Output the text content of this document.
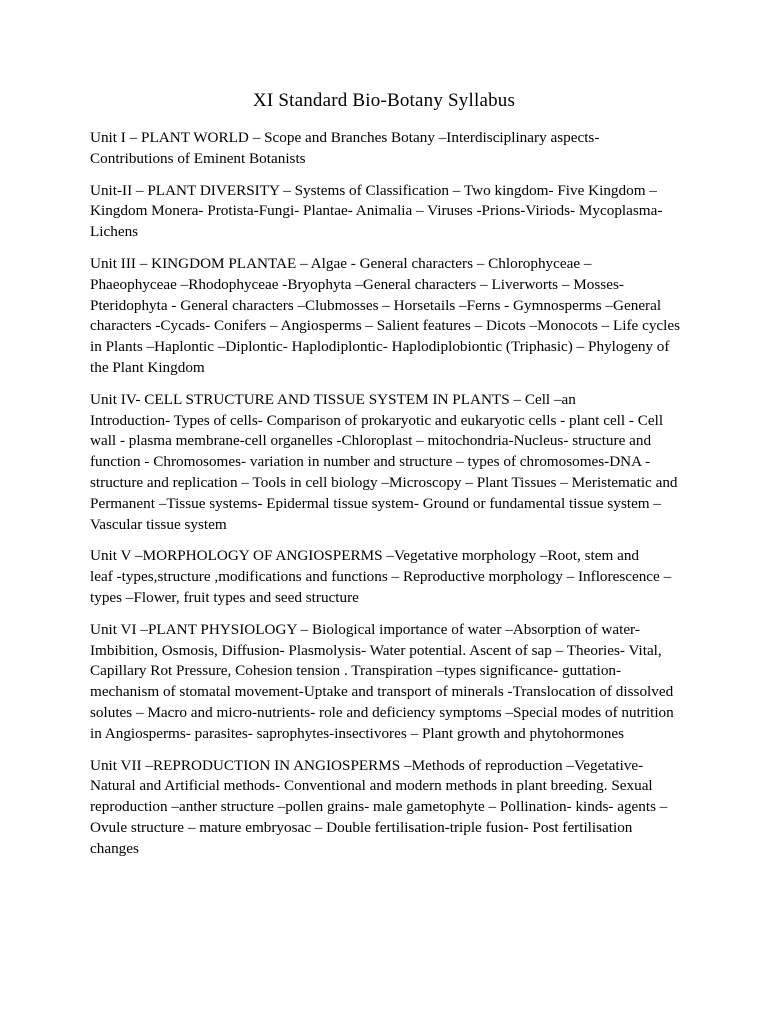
XI Standard Bio-Botany Syllabus

Unit I – PLANT WORLD – Scope and Branches Botany –Interdisciplinary aspects-
Contributions of Eminent Botanists

Unit-II – PLANT DIVERSITY – Systems of Classification – Two kingdom- Five Kingdom –
Kingdom Monera- Protista-Fungi- Plantae- Animalia – Viruses -Prions-Viriods- Mycoplasma-
Lichens

Unit III – KINGDOM PLANTAE – Algae - General characters – Chlorophyceae –
Phaeophyceae –Rhodophyceae -Bryophyta –General characters – Liverworts – Mosses-
Pteridophyta - General characters –Clubmosses – Horsetails –Ferns - Gymnosperms –General
characters -Cycads- Conifers – Angiosperms – Salient features – Dicots –Monocots – Life cycles
in Plants –Haplontic –Diplontic- Haplodiplontic- Haplodiplobiontic (Triphasic) – Phylogeny of
the Plant Kingdom

Unit IV- CELL STRUCTURE AND TISSUE SYSTEM IN PLANTS – Cell –an
Introduction- Types of cells- Comparison of prokaryotic and eukaryotic cells - plant cell - Cell
wall - plasma membrane-cell organelles -Chloroplast – mitochondria-Nucleus- structure and
function - Chromosomes- variation in number and structure – types of chromosomes-DNA -
structure and replication – Tools in cell biology –Microscopy – Plant Tissues – Meristematic and
Permanent –Tissue systems- Epidermal tissue system- Ground or fundamental tissue system –
Vascular tissue system

Unit V –MORPHOLOGY OF ANGIOSPERMS –Vegetative morphology –Root, stem and
leaf -types,structure ,modifications and functions – Reproductive morphology – Inflorescence –
types –Flower, fruit types and seed structure

Unit VI –PLANT PHYSIOLOGY – Biological importance of water –Absorption of water-
Imbibition, Osmosis, Diffusion- Plasmolysis- Water potential. Ascent of sap – Theories- Vital,
Capillary Rot Pressure, Cohesion tension . Transpiration –types significance- guttation-
mechanism of stomatal movement-Uptake and transport of minerals -Translocation of dissolved
solutes – Macro and micro-nutrients- role and deficiency symptoms –Special modes of nutrition
in Angiosperms- parasites- saprophytes-insectivores – Plant growth and phytohormones

Unit VII –REPRODUCTION IN ANGIOSPERMS –Methods of reproduction –Vegetative-
Natural and Artificial methods- Conventional and modern methods in plant breeding. Sexual
reproduction –anther structure –pollen grains- male gametophyte – Pollination- kinds- agents –
Ovule structure – mature embryosac – Double fertilisation-triple fusion- Post fertilisation
changes
